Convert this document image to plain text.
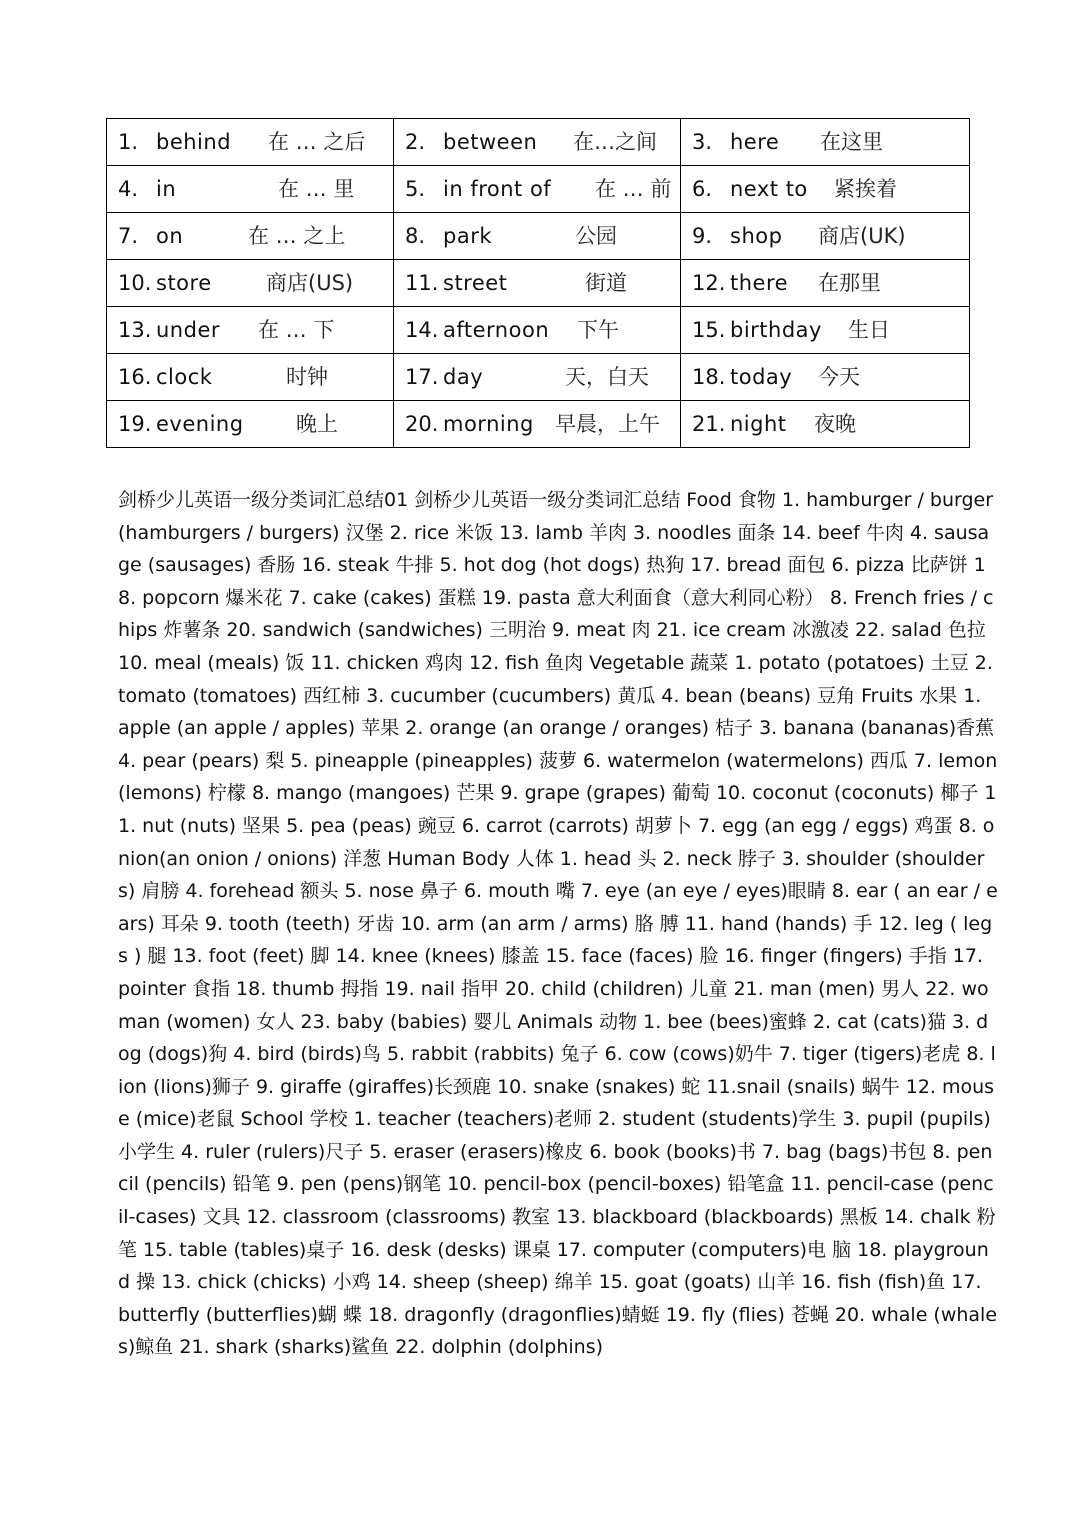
1. behind 在 … 之后	2. between 在…之间	3. here 在这里

4. in 在 … 里	5. in front of 在 … 前	6. next to 紧挨着

7. on 在 … 之上	8. park 公园	9. shop 商店(UK)

10. store 商店(US)	11. street 街道	12. there 在那里

13. under 在 … 下	14. afternoon 下午	15. birthday 生日

16. clock 时钟	17. day 天，白天	18. today 今天

19. evening 晚上	20. morning 早晨，上午	21. night 夜晚

剑桥少儿英语一级分类词汇总结01 剑桥少儿英语一级分类词汇总结 Food 食物 1. hamburger / burger (hamburgers / burgers) 汉堡 2. rice 米饭 13. lamb 羊肉 3. noodles 面条 14. beef 牛肉 4. sausage (sausages) 香肠 16. steak 牛排 5. hot dog (hot dogs) 热狗 17. bread 面包 6. pizza 比萨饼 18. popcorn 爆米花 7. cake (cakes) 蛋糕 19. pasta 意大利面食（意大利同心粉） 8. French fries / chips 炸薯条 20. sandwich (sandwiches) 三明治 9. meat 肉 21. ice cream 冰激凌 22. salad 色拉 10. meal (meals) 饭 11. chicken 鸡肉 12. fish 鱼肉 Vegetable 蔬菜 1. potato (potatoes) 土豆 2. tomato (tomatoes) 西红柿 3. cucumber (cucumbers) 黄瓜 4. bean (beans) 豆角 Fruits 水果 1. apple (an apple / apples) 苹果 2. orange (an orange / oranges) 桔子 3. banana (bananas)香蕉 4. pear (pears) 梨 5. pineapple (pineapples) 菠萝 6. watermelon (watermelons) 西瓜 7. lemon (lemons) 柠檬 8. mango (mangoes) 芒果 9. grape (grapes) 葡萄 10. coconut (coconuts) 椰子 11. nut (nuts) 坚果 5. pea (peas) 豌豆 6. carrot (carrots) 胡萝卜 7. egg (an egg / eggs) 鸡蛋 8. onion(an onion / onions) 洋葱 Human Body 人体 1. head 头 2. neck 脖子 3. shoulder (shoulders) 肩膀 4. forehead 额头 5. nose 鼻子 6. mouth 嘴 7. eye (an eye / eyes)眼睛 8. ear ( an ear / ears) 耳朵 9. tooth (teeth) 牙齿 10. arm (an arm / arms) 胳 膊 11. hand (hands) 手 12. leg ( legs ) 腿 13. foot (feet) 脚 14. knee (knees) 膝盖 15. face (faces) 脸 16. finger (fingers) 手指 17. pointer 食指 18. thumb 拇指 19. nail 指甲 20. child (children) 儿童 21. man (men) 男人 22. woman (women) 女人 23. baby (babies) 婴儿 Animals 动物 1. bee (bees)蜜蜂 2. cat (cats)猫 3. dog (dogs)狗 4. bird (birds)鸟 5. rabbit (rabbits) 兔子 6. cow (cows)奶牛 7. tiger (tigers)老虎 8. lion (lions)狮子 9. giraffe (giraffes)长颈鹿 10. snake (snakes) 蛇 11.snail (snails) 蜗牛 12. mouse (mice)老鼠 School 学校 1. teacher (teachers)老师 2. student (students)学生 3. pupil (pupils)小学生 4. ruler (rulers)尺子 5. eraser (erasers)橡皮 6. book (books)书 7. bag (bags)书包 8. pencil (pencils) 铅笔 9. pen (pens)钢笔 10. pencil-box (pencil-boxes) 铅笔盒 11. pencil-case (pencil-cases) 文具 12. classroom (classrooms) 教室 13. blackboard (blackboards) 黑板 14. chalk 粉笔 15. table (tables)桌子 16. desk (desks) 课桌 17. computer (computers)电 脑 18. playground 操 13. chick (chicks) 小鸡 14. sheep (sheep) 绵羊 15. goat (goats) 山羊 16. fish (fish)鱼 17. butterfly (butterflies)蝴 蝶 18. dragonfly (dragonflies)蜻蜓 19. fly (flies) 苍蝇 20. whale (whales)鲸鱼 21. shark (sharks)鲨鱼 22. dolphin (dolphins)
